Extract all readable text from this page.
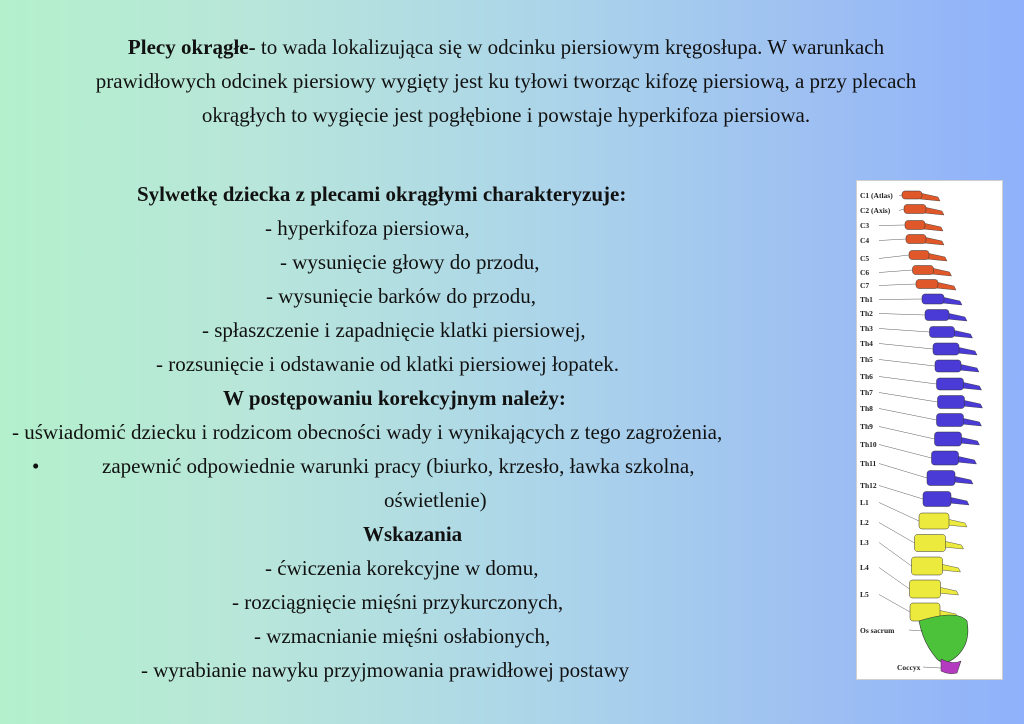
Plecy okrągłe- to wada lokalizująca się w odcinku piersiowym kręgosłupa. W warunkach
prawidłowych odcinek piersiowy wygięty jest ku tyłowi tworząc kifozę piersiową, a przy plecach
okrągłych to wygięcie jest pogłębione i powstaje hyperkifoza piersiowa.
Sylwetkę dziecka z plecami okrągłymi charakteryzuje:
- hyperkifoza piersiowa,
- wysunięcie głowy do przodu,
- wysunięcie barków do przodu,
- spłaszczenie i zapadnięcie klatki piersiowej,
- rozsunięcie i odstawanie od klatki piersiowej łopatek.
W postępowaniu korekcyjnym należy:
- uświadomić dziecku i rodzicom obecności wady i wynikających z tego zagrożenia,
•	zapewnić odpowiednie warunki pracy (biurko, krzesło, ławka szkolna,
oświetlenie)
Wskazania
- ćwiczenia korekcyjne w domu,
- rozciągnięcie mięśni przykurczonych,
- wzmacnianie mięśni osłabionych,
- wyrabianie nawyku przyjmowania prawidłowej postawy
C1 (Atlas)
C2 (Axis)
C3
C4
C5
C6
C7
Th1
Th2
Th3
Th4
Th5
Th6
Th7
Th8
Th9
Th10
Th11
Th12
L1
L2
L3
L4
L5
Os sacrum
Coccyx
